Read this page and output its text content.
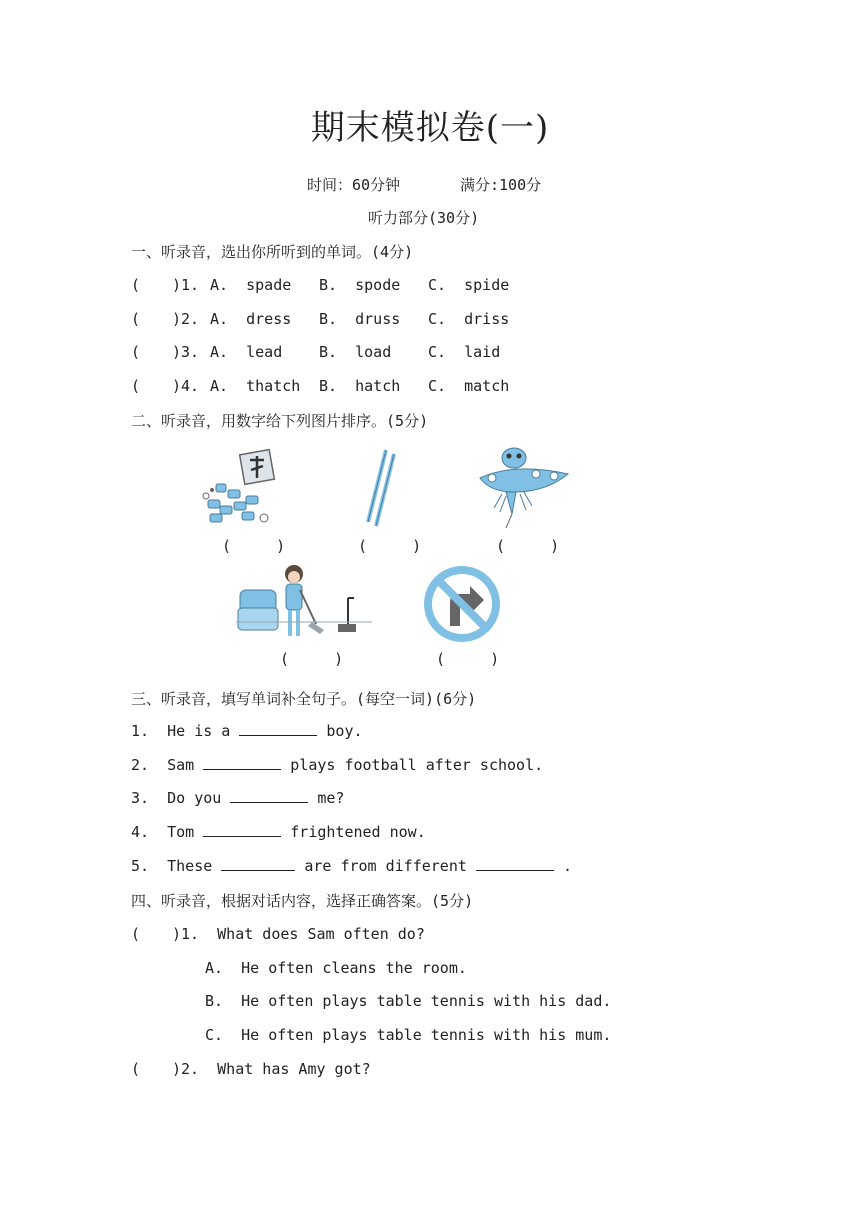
期末模拟卷(一)
时间：60分钟	满分:100分
听力部分(30分)
一、听录音，选出你所听到的单词。(4分)
( )1. A.  spade B.  spode C.  spide
( )2. A.  dress B.  druss C.  driss
( )3. A.  lead B.  load C.  laid
( )4. A.  thatch B.  hatch C.  match
二、听录音，用数字给下列图片排序。(5分)
(     )	(     )	(     )
(     )	(     )
三、听录音，填写单词补全句子。(每空一词)(6分)
1.  He is a	boy.
2.  Sam	plays football after school.
3.  Do you	me?
4.  Tom	frightened now.
5.  These	are from different	.
四、听录音，根据对话内容，选择正确答案。(5分)
( )1.  What does Sam often do?
A.  He often cleans the room.
B.  He often plays table tennis with his dad.
C.  He often plays table tennis with his mum.
( )2.  What has Amy got?
